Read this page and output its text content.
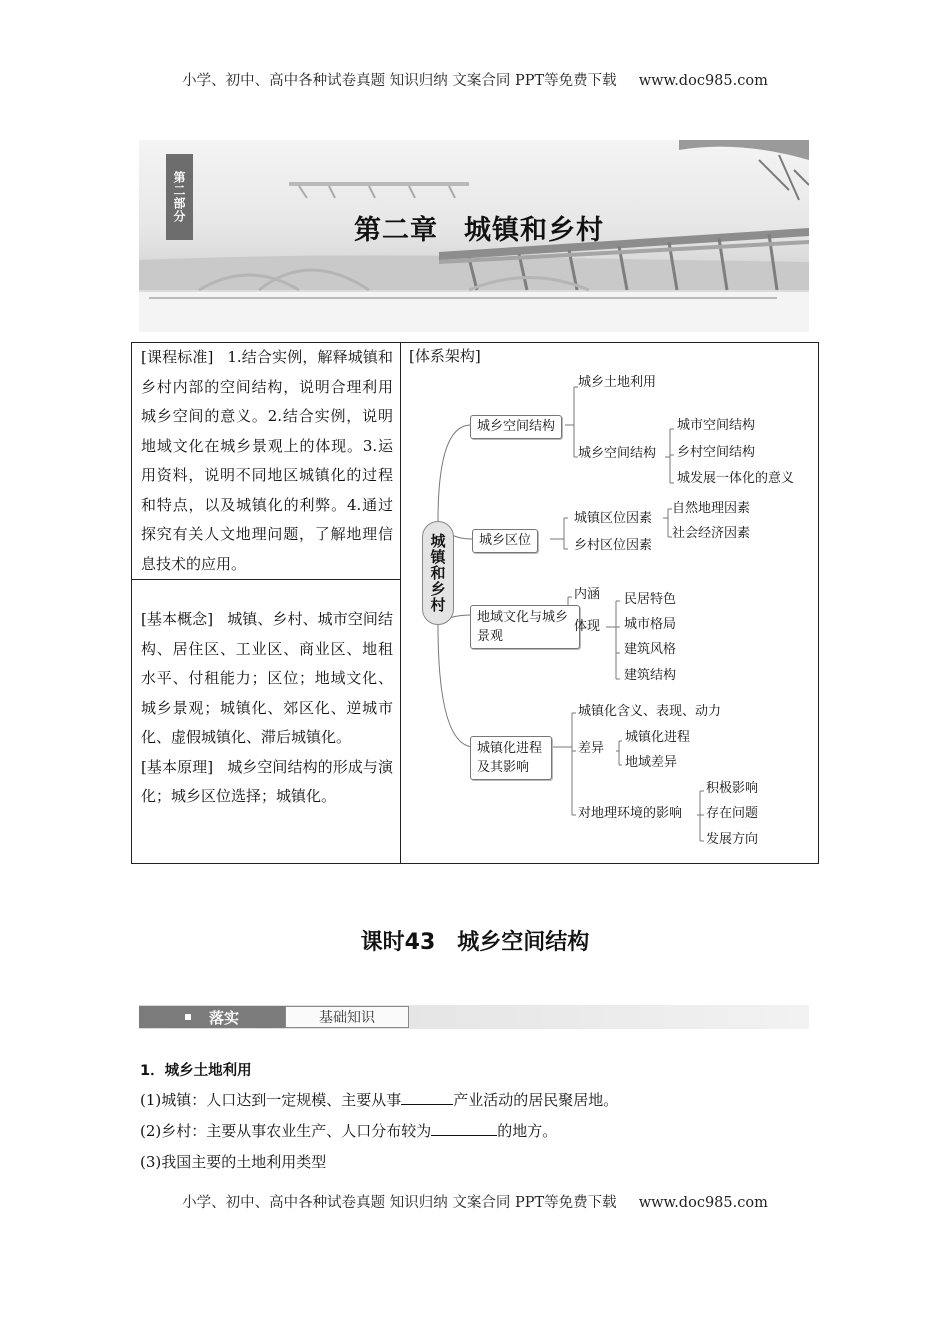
小学、初中、高中各种试卷真题 知识归纳 文案合同 PPT等免费下载 www.doc985.com
第二部分
第二章 城镇和乡村
[课程标准] 1.结合实例，解释城镇和乡村内部的空间结构，说明合理利用城乡空间的意义。2.结合实例，说明地域文化在城乡景观上的体现。3.运用资料，说明不同地区城镇化的过程和特点，以及城镇化的利弊。4.通过探究有关人文地理问题，了解地理信息技术的应用。
[基本概念] 城镇、乡村、城市空间结构、居住区、工业区、商业区、地租水平、付租能力；区位；地域文化、城乡景观；城镇化、郊区化、逆城市化、虚假城镇化、滞后城镇化。
[基本原理] 城乡空间结构的形成与演化；城乡区位选择；城镇化。
[体系架构]
城镇和乡村
城乡空间结构
城乡土地利用
城乡空间结构
城市空间结构
乡村空间结构
城发展一体化的意义
城乡区位
城镇区位因素
乡村区位因素
自然地理因素
社会经济因素
地域文化与城乡景观
内涵
体现
民居特色
城市格局
建筑风格
建筑结构
城镇化进程及其影响
城镇化含义、表现、动力
差异
城镇化进程
地域差异
对地理环境的影响
积极影响
存在问题
发展方向
课时43 城乡空间结构
落实	基础知识
1．城乡土地利用
(1)城镇：人口达到一定规模、主要从事	产业活动的居民聚居地。
(2)乡村：主要从事农业生产、人口分布较为	的地方。
(3)我国主要的土地利用类型
小学、初中、高中各种试卷真题 知识归纳 文案合同 PPT等免费下载 www.doc985.com
